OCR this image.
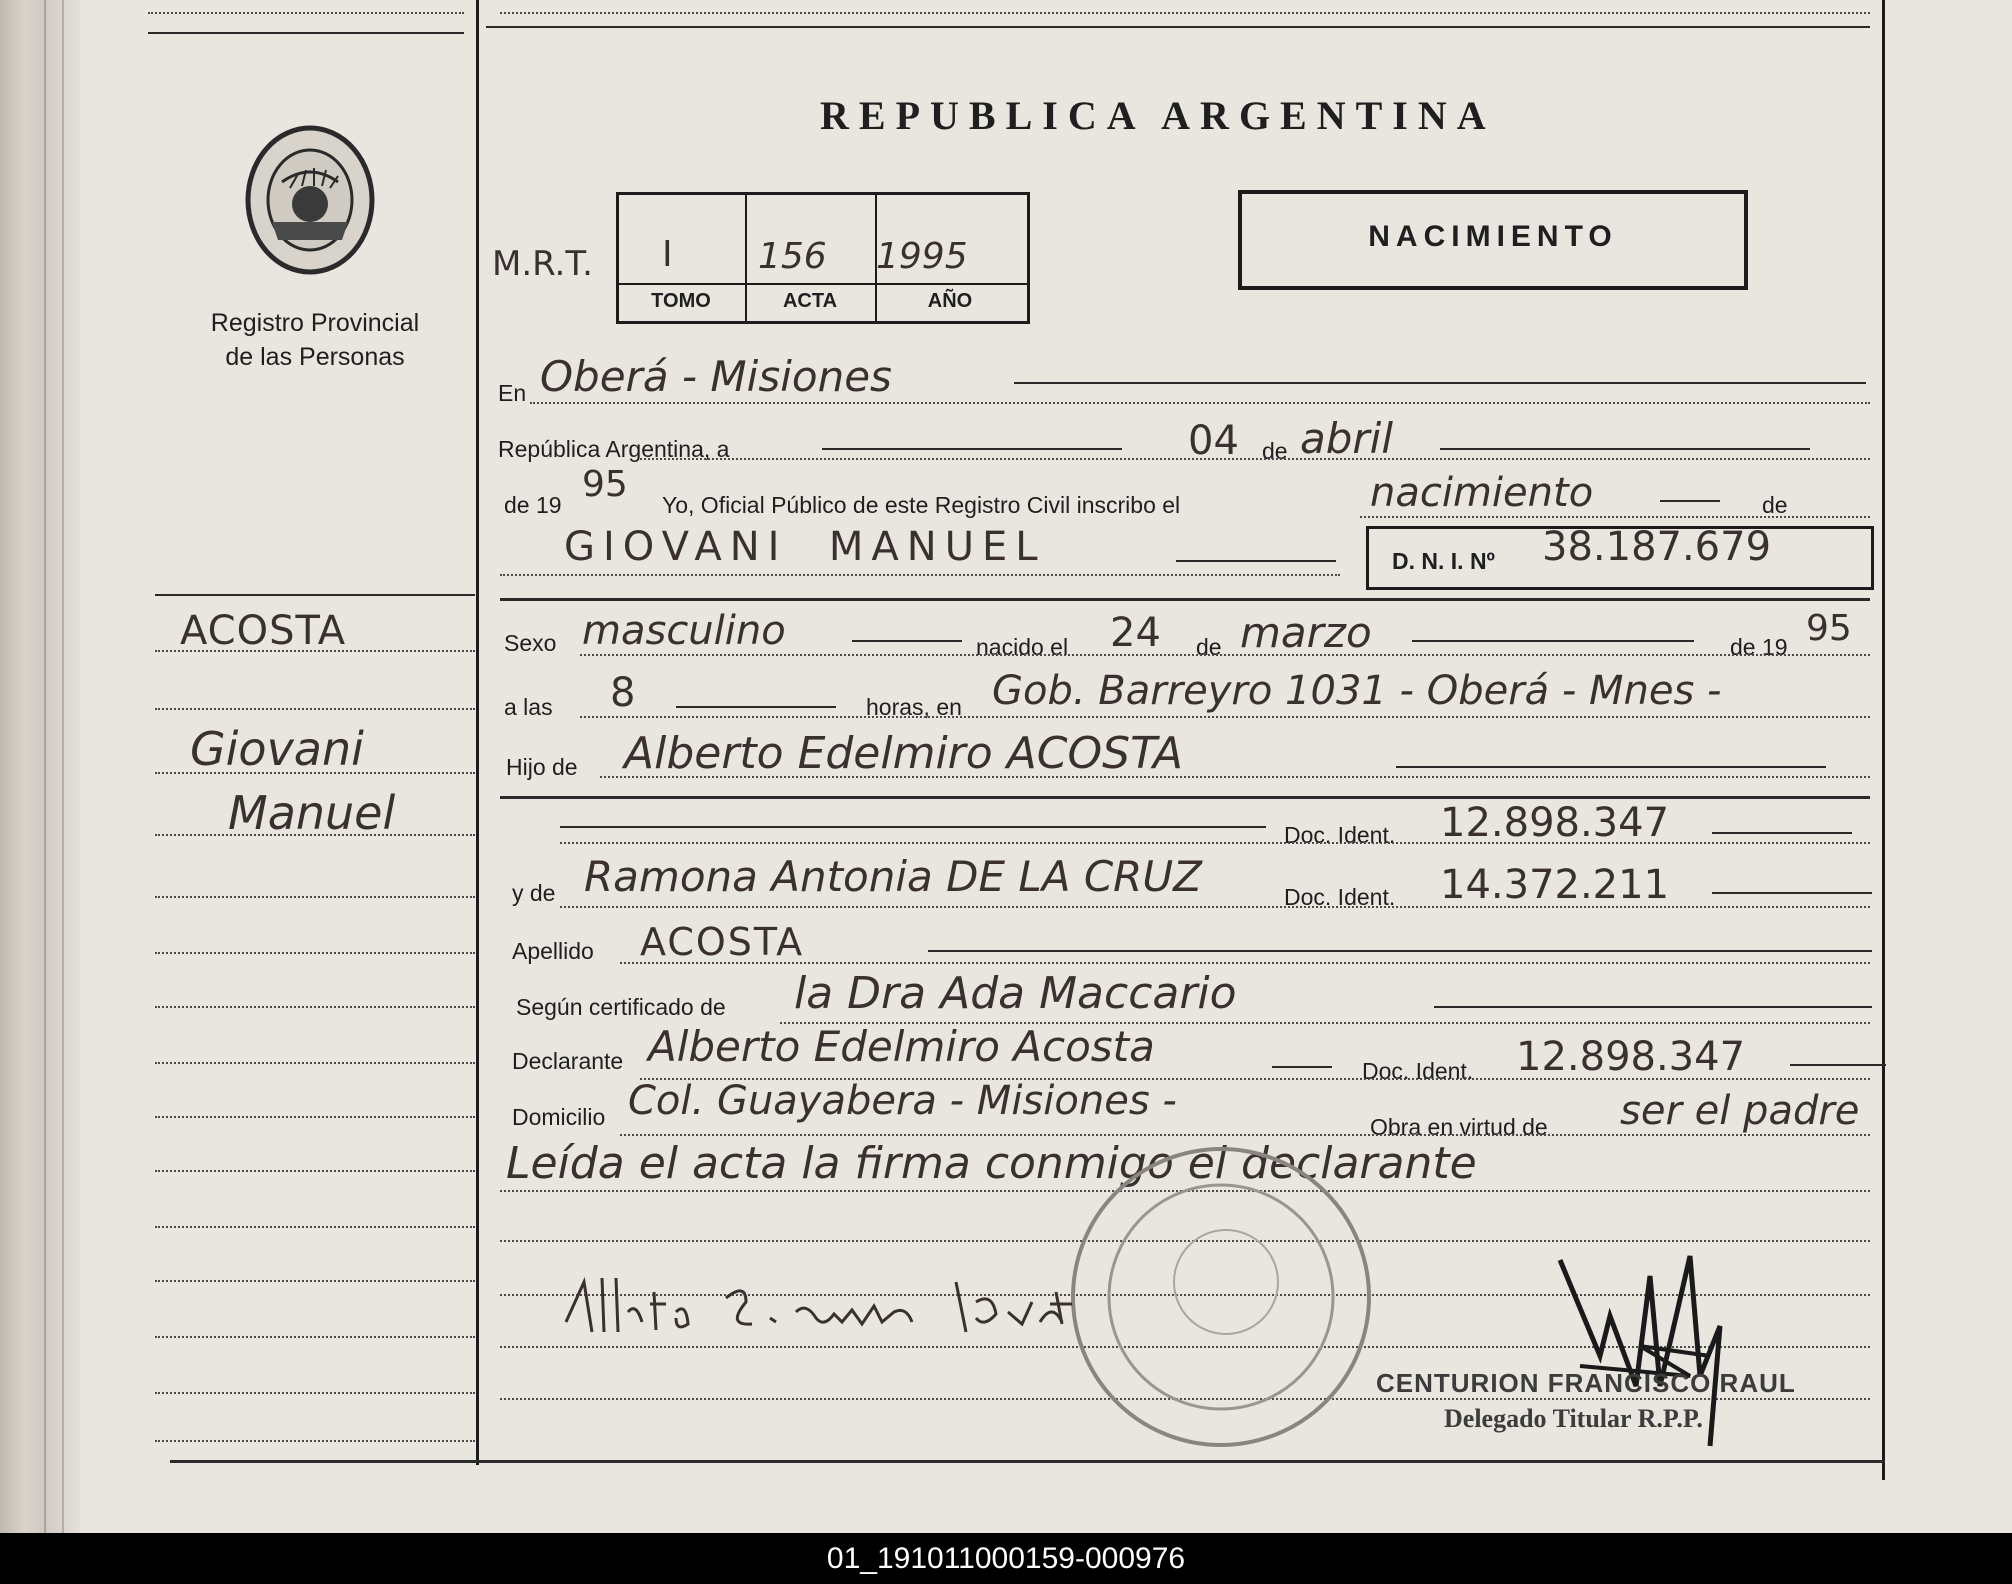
Registro Provincial
de las Personas
ACOSTA
Giovani
Manuel
REPUBLICA ARGENTINA
M.R.T. I 156 1995
TOMO	ACTA	AÑO
NACIMIENTO
En Oberá - Misiones
República Argentina, a	04 de abril
de 19 95 Yo, Oficial Público de este Registro Civil inscribo el	nacimiento	de
GIOVANI  MANUEL	D. N. I. Nº 38.187.679
Sexo masculino	nacido el 24 de marzo	de 19 95
a las 8	horas, en Gob. Barreyro 1031 - Oberá - Mnes -
Hijo de Alberto Edelmiro ACOSTA
Doc. Ident. 12.898.347
y de Ramona Antonia DE LA CRUZ	Doc. Ident. 14.372.211
Apellido ACOSTA
Según certificado de la Dra Ada Maccario
Declarante Alberto Edelmiro Acosta	Doc. Ident. 12.898.347
Domicilio Col. Guayabera - Misiones -
Obra en virtud de ser el padre
Leída el acta la firma conmigo el declarante
CENTURION FRANCISCO RAUL
Delegado Titular R.P.P.
01_191011000159-000976
